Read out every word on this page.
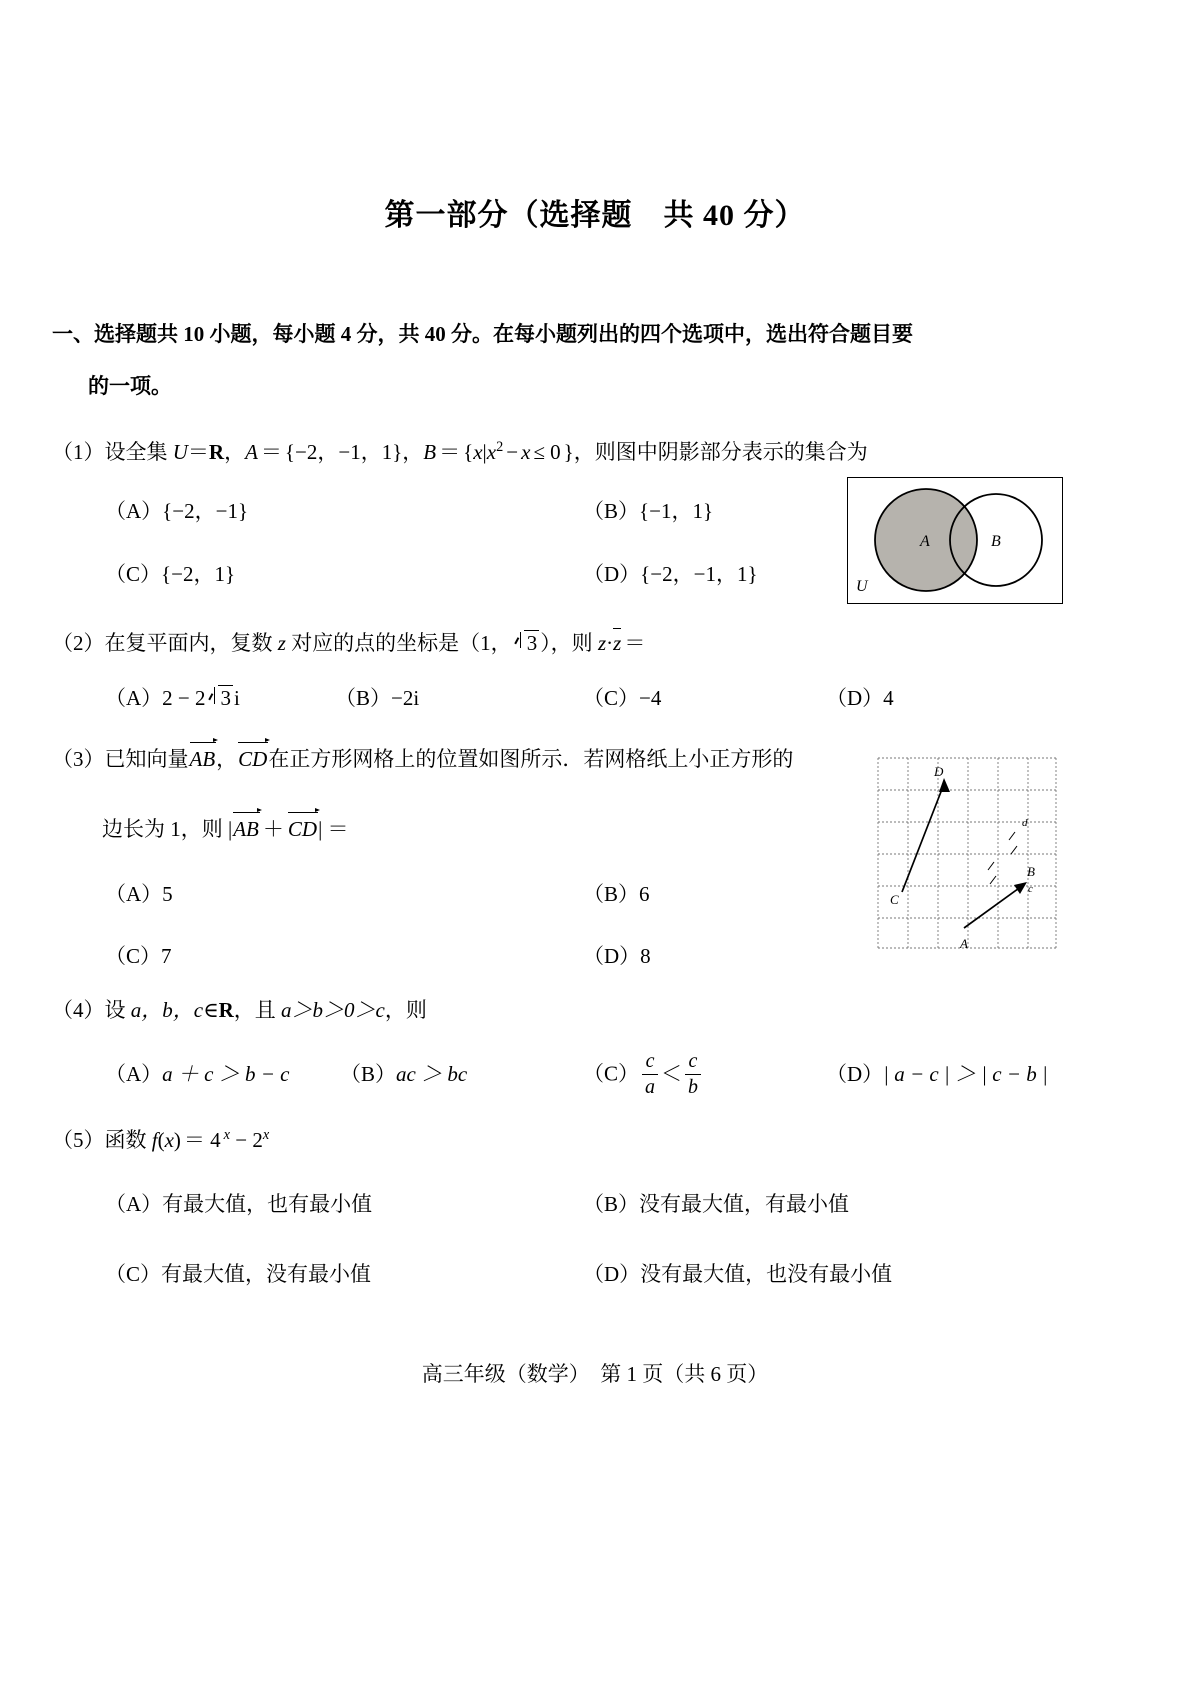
第一部分（选择题　共 40 分）
一、选择题共 10 小题，每小题 4 分，共 40 分。在每小题列出的四个选项中，选出符合题目要
的一项。
（1）设全集 U＝R，A ＝ {−2，−1，1}，$B = \{x|x^2 - x \le 0$ }，则图中阴影部分表示的集合为
（A）{−2，−1}	（B）{−1，1}
（C）{−2，1}	（D）{−2，−1，1}
A	B
U
（2）在复平面内，复数 z 对应的点的坐标是（1， 3 ），则 z·z ＝
（A）2 − 2 3 i	（B）−2i	（C）−4	（D）4
（3）已知向量AB
，CD
在正方形网格上的位置如图所示．若网格纸上小正方形的
边长为 1，则 |AB ＋ CD
| ＝
（A）5	（B）6
（C）7	（D）8
D
C
B
A
c
d
（4）设 a，b，c∈R，且 a＞b＞0＞c，则
（A）a ＋ c ＞ b − c （B）ac ＞ bc	$(C) \frac{c}{a} < \frac{c}{b}$	（D）| a − c | ＞ | c − b |
（5）函数 f(x) ＝ 4 $^x - 2^x$
（A）有最大值，也有最小值	（B）没有最大值，有最小值
（C）有最大值，没有最小值	（D）没有最大值，也没有最小值
高三年级（数学）　第 1 页（共 6 页）
